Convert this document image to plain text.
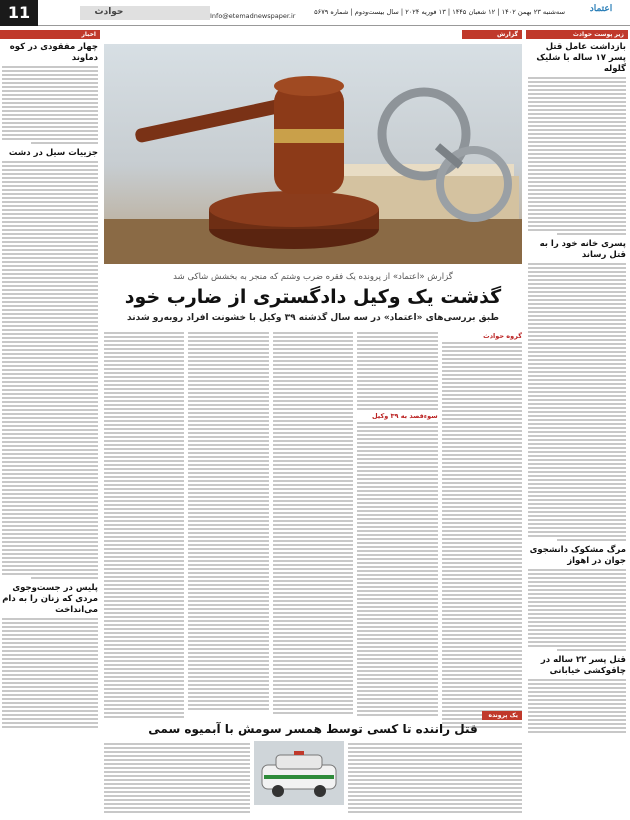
11	حوادث	Info@etemadnewspaper.ir	سه‌شنبه ۲۳ بهمن ۱۴۰۲ | ۱۲ شعبان ۱۴۴۵ | ۱۳ فوریه ۲۰۲۴ | سال بیست‌ودوم | شماره ۵۶۷۹	اعتماد
زیر پوست حوادث
بازداشت عامل قتل پسر ۱۷ ساله با شلیک گلوله
پسری خانه خود را به قتل رساند
مرگ مشکوک دانشجوی جوان در اهواز
قتل پسر ۲۲ ساله در چاقوکشی خیابانی
اخبار
چهار مفقودی در کوه دماوند
جزییات سیل در دشت
پلیس در جست‌وجوی مردی که زنان را به دام می‌انداخت
گزارش
گزارش «اعتماد» از پرونده یک فقره ضرب وشتم که منجر به بخشش شاکی شد
گذشت یک وکیل دادگستری از ضارب خود
طبق بررسی‌های «اعتماد» در سه سال گذشته ۳۹ وکیل با خشونت افراد روبه‌رو شدند
گروه حوادث
سوءقصد به ۳۹ وکیل
یک پرونده
قتل راننده تا کسی توسط همسر سومش با آبمیوه سمی
